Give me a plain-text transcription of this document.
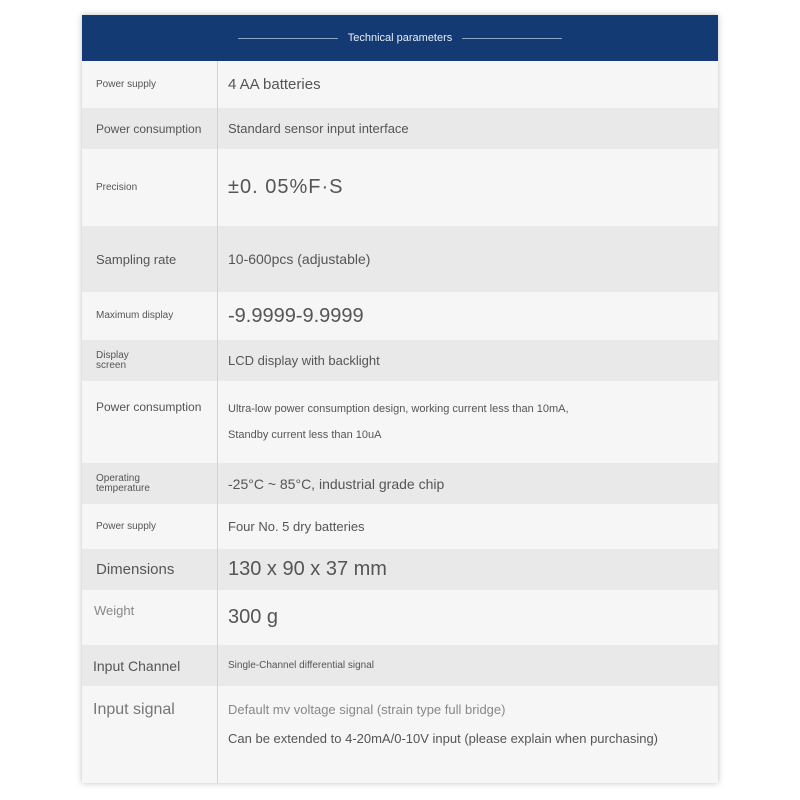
Technical parameters
Power supply	4 AA batteries
Power consumption	Standard sensor input interface
Precision	±0. 05%F·S
Sampling rate	10-600pcs (adjustable)
Maximum display	-9.9999-9.9999
Display screen	LCD display with backlight
Power consumption	Ultra-low power consumption design, working current less than 10mA,
Standby current less than 10uA
Operating temperature	-25°C ~ 85°C, industrial grade chip
Power supply	Four No. 5 dry batteries
Dimensions	130 x 90 x 37 mm
Weight	300 g
Input Channel	Single-Channel differential signal
Input signal	Default mv voltage signal (strain type full bridge)
Can be extended to 4-20mA/0-10V input (please explain when purchasing)
